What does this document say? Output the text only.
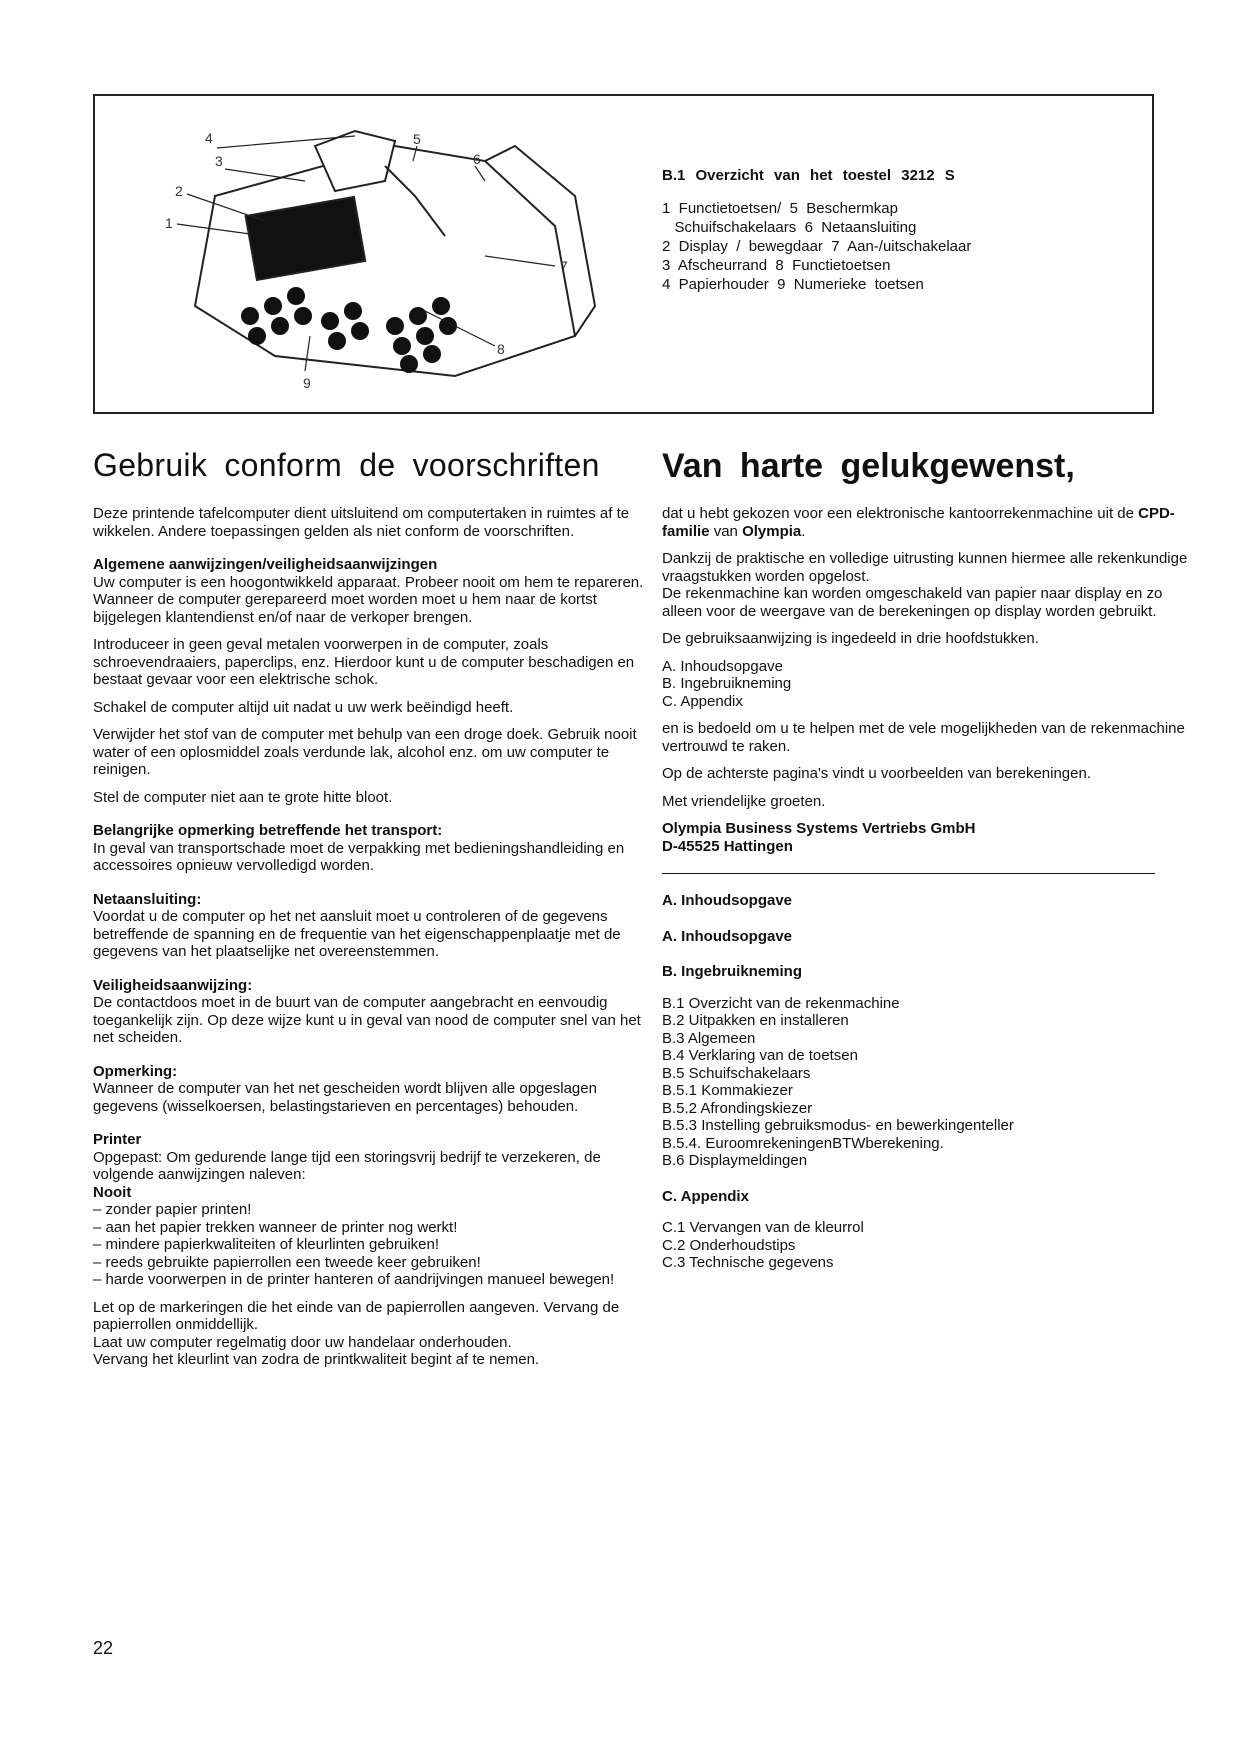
1
2
3
4	5
6
7
8
9
B.1 Overzicht van het toestel 3212 S
1  Functietoetsen/  5  Beschermkap
Schuifschakelaars  6  Netaansluiting
2  Display  /  bewegdaar  7  Aan-/uitschakelaar
3  Afscheurrand  8  Functietoetsen
4  Papierhouder  9  Numerieke  toetsen
Gebruik conform de voorschriften

Deze printende tafelcomputer dient uitsluitend om computertaken in ruimtes af te wikkelen. Andere toepassingen gelden als niet conform de voorschriften.

Algemene aanwijzingen/veiligheidsaanwijzingen

Uw computer is een hoogontwikkeld apparaat. Probeer nooit om hem te repareren. Wanneer de computer gerepareerd moet worden moet u hem naar de kortst bijgelegen klantendienst en/of naar de verkoper brengen.

Introduceer in geen geval metalen voorwerpen in de computer, zoals schroevendraaiers, paperclips, enz. Hierdoor kunt u de computer beschadigen en bestaat gevaar voor een elektrische schok.

Schakel de computer altijd uit nadat u uw werk beëindigd heeft.

Verwijder het stof van de computer met behulp van een droge doek. Gebruik nooit water of een oplosmiddel zoals verdunde lak, alcohol enz. om uw computer te reinigen.

Stel de computer niet aan te grote hitte bloot.

Belangrijke opmerking betreffende het transport:

In geval van transportschade moet de verpakking met bedieningshandleiding en accessoires opnieuw vervolledigd worden.

Netaansluiting:

Voordat u de computer op het net aansluit moet u controleren of de gegevens betreffende de spanning en de frequentie van het eigenschappenplaatje met de gegevens van het plaatselijke net overeenstemmen.

Veiligheidsaanwijzing:

De contactdoos moet in de buurt van de computer aangebracht en eenvoudig toegankelijk zijn. Op deze wijze kunt u in geval van nood de computer snel van het net scheiden.

Opmerking:

Wanneer de computer van het net gescheiden wordt blijven alle opgeslagen gegevens (wisselkoersen, belastingstarieven en percentages) behouden.

Printer

Opgepast: Om gedurende lange tijd een storingsvrij bedrijf te verzekeren, de volgende aanwijzingen naleven:

Nooit
– zonder papier printen!
– aan het papier trekken wanneer de printer nog werkt!
– mindere papierkwaliteiten of kleurlinten gebruiken!
– reeds gebruikte papierrollen een tweede keer gebruiken!
– harde voorwerpen in de printer hanteren of aandrijvingen manueel bewegen!

Let op de markeringen die het einde van de papierrollen aangeven. Vervang de papierrollen onmiddellijk.

Laat uw computer regelmatig door uw handelaar onderhouden.

Vervang het kleurlint van zodra de printkwaliteit begint af te nemen.

Van harte gelukgewenst,

dat u hebt gekozen voor een elektronische kantoorrekenmachine uit de CPD-familie van Olympia.

Dankzij de praktische en volledige uitrusting kunnen hiermee alle rekenkundige vraagstukken worden opgelost.

De rekenmachine kan worden omgeschakeld van papier naar display en zo alleen voor de weergave van de berekeningen op display worden gebruikt.

De gebruiksaanwijzing is ingedeeld in drie hoofdstukken.

A. Inhoudsopgave
B. Ingebruikneming
C. Appendix

en is bedoeld om u te helpen met de vele mogelijkheden van de rekenmachine vertrouwd te raken.

Op de achterste pagina's vindt u voorbeelden van berekeningen.

Met vriendelijke groeten.

Olympia Business Systems Vertriebs GmbH
D-45525 Hattingen
A. Inhoudsopgave
A. Inhoudsopgave
B. Ingebruikneming
B.1 Overzicht van de rekenmachine
B.2 Uitpakken en installeren
B.3 Algemeen
B.4 Verklaring van de toetsen
B.5 Schuifschakelaars
B.5.1 Kommakiezer
B.5.2 Afrondingskiezer
B.5.3 Instelling gebruiksmodus- en bewerkingenteller
B.5.4. EuroomrekeningenBTWberekening.
B.6 Displaymeldingen
C. Appendix
C.1 Vervangen van de kleurrol
C.2 Onderhoudstips
C.3 Technische gegevens
22
